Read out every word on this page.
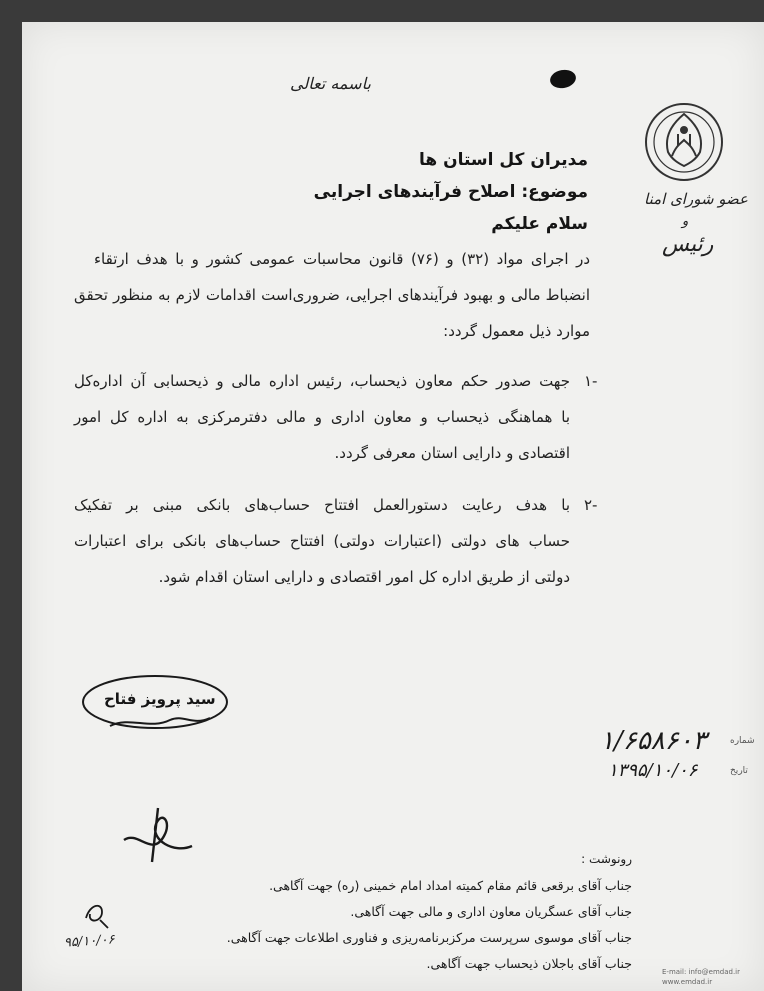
عضو شورای امنا
و
رئیس
باسمه تعالی
مدیران کل استان ها
موضوع: اصلاح فرآیندهای اجرایی
سلام علیکم
در اجرای مواد (۳۲) و (۷۶) قانون محاسبات عمومی کشور و با هدف ارتقاء
انضباط مالی و بهبود فرآیندهای اجرایی، ضروری‌است اقدامات لازم به منظور تحقق
موارد ذیل معمول گردد:
۱-
جهت صدور حکم معاون ذیحساب، رئیس اداره مالی و ذیحسابی آن اداره‌کل
با هماهنگی ذیحساب و معاون اداری و مالی دفترمرکزی به اداره کل امور
اقتصادی و دارایی استان معرفی گردد.
۲-
با هدف رعایت دستورالعمل افتتاح حساب‌های بانکی مبنی بر تفکیک
حساب های دولتی (اعتبارات دولتی) افتتاح حساب‌های بانکی برای اعتبارات
دولتی از طریق اداره کل امور اقتصادی و دارایی استان اقدام شود.
سید پرویز فتاح
شماره
۱/۶۵۸۶۰۳
تاریخ
۱۳۹۵/۱۰/۰۶
۹۵/۱۰/۰۶
رونوشت :
جناب آقای برقعی قائم مقام کمیته امداد امام خمینی (ره) جهت آگاهی.
جناب آقای عسگریان معاون اداری و مالی جهت آگاهی.
جناب آقای موسوی سرپرست مرکزبرنامه‌ریزی و فناوری اطلاعات جهت آگاهی.
جناب آقای باجلان ذیحساب جهت آگاهی.
E-mail: info@emdad.ir
www.emdad.ir
